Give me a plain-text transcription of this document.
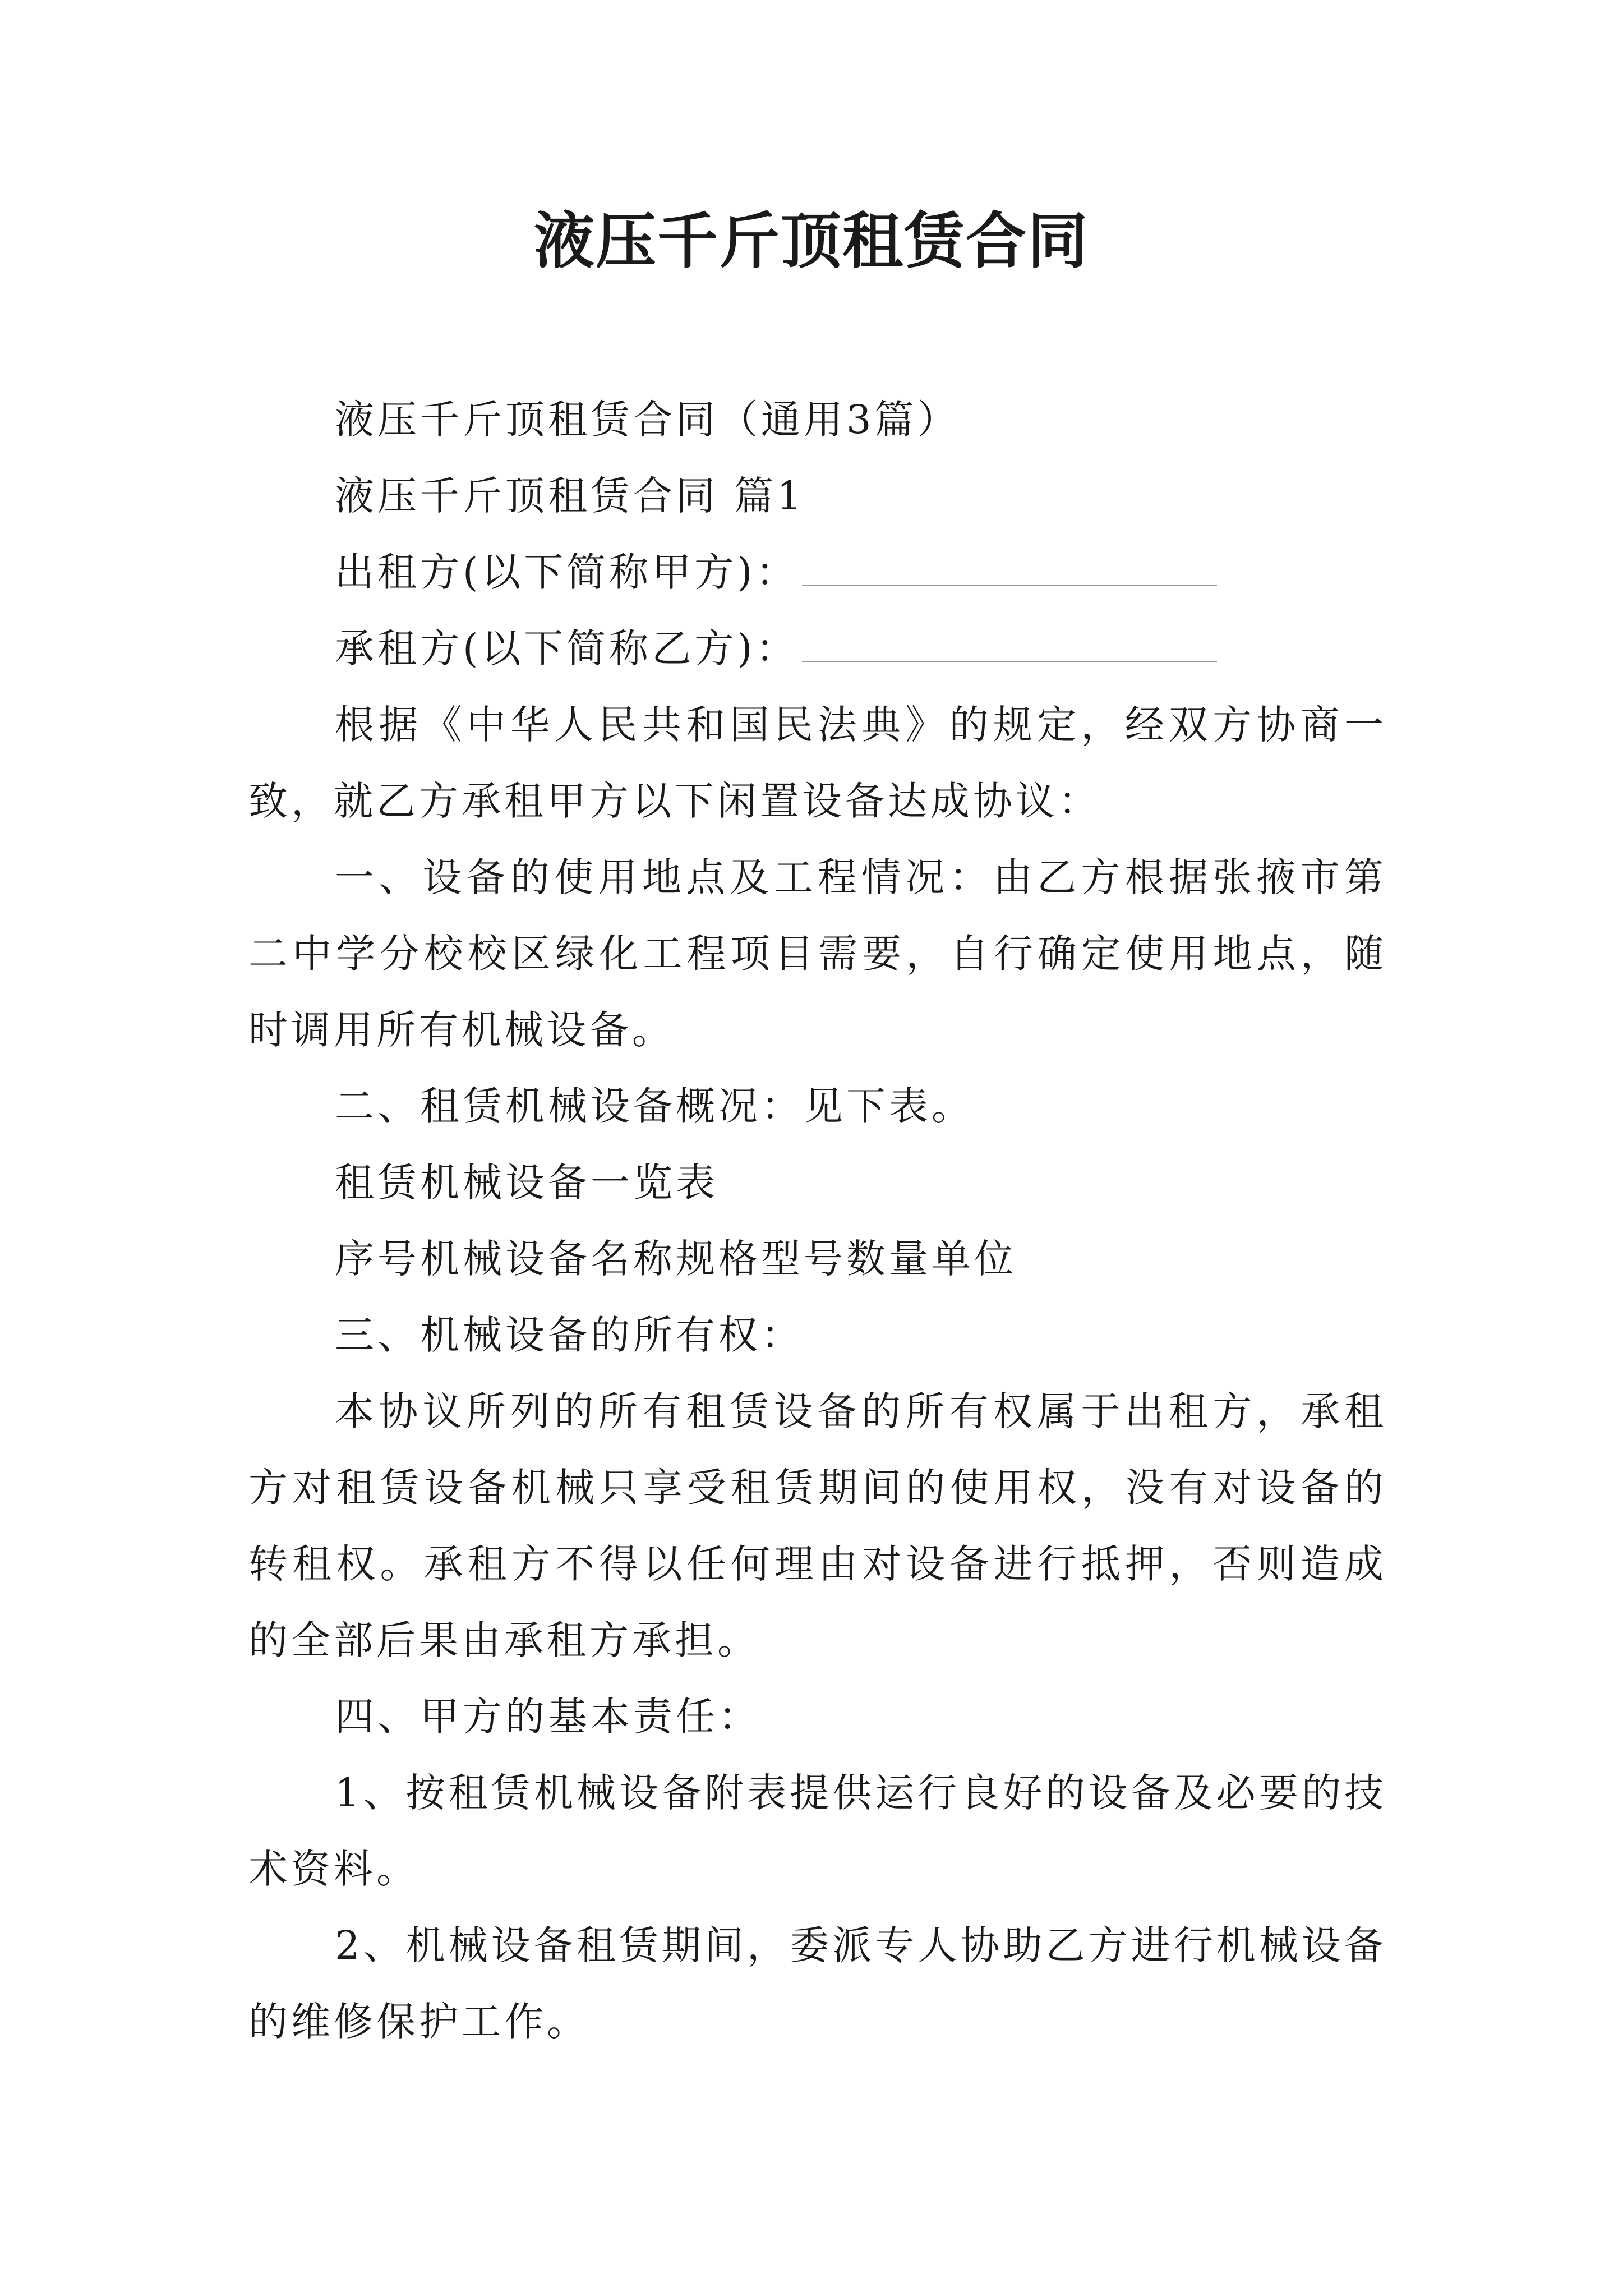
液压千斤顶租赁合同

液压千斤顶租赁合同（通用3篇）

液压千斤顶租赁合同 篇1

出租方(以下简称甲方)：

承租方(以下简称乙方)：

根据《中华人民共和国民法典》的规定，经双方协商一致，就乙方承租甲方以下闲置设备达成协议：

一、设备的使用地点及工程情况：由乙方根据张掖市第二中学分校校区绿化工程项目需要，自行确定使用地点，随时调用所有机械设备。

二、租赁机械设备概况：见下表。

租赁机械设备一览表

序号机械设备名称规格型号数量单位

三、机械设备的所有权：

本协议所列的所有租赁设备的所有权属于出租方，承租方对租赁设备机械只享受租赁期间的使用权，没有对设备的转租权。承租方不得以任何理由对设备进行抵押，否则造成的全部后果由承租方承担。

四、甲方的基本责任：

1、按租赁机械设备附表提供运行良好的设备及必要的技术资料。

2、机械设备租赁期间，委派专人协助乙方进行机械设备的维修保护工作。
